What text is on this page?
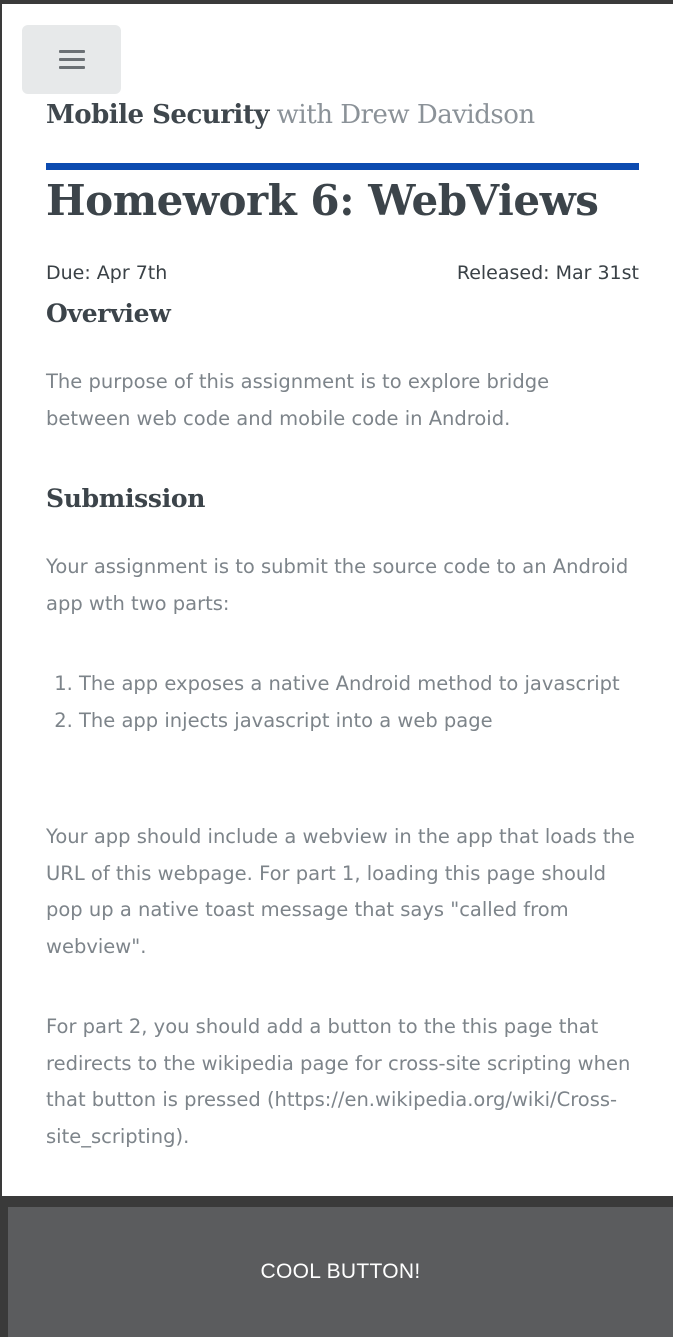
Mobile Security with Drew Davidson
Homework 6: WebViews
Due: Apr 7th	Released: Mar 31st
Overview

The purpose of this assignment is to explore bridge between web code and mobile code in Android.

Submission

Your assignment is to submit the source code to an Android app wth two parts:

1. The app exposes a native Android method to javascript
2. The app injects javascript into a web page

Your app should include a webview in the app that loads the URL of this webpage. For part 1, loading this page should pop up a native toast message that says "called from webview".

For part 2, you should add a button to the this page that redirects to the wikipedia page for cross-site scripting when that button is pressed (https://en.wikipedia.org/wiki/Cross-site_scripting).

COOL BUTTON!
